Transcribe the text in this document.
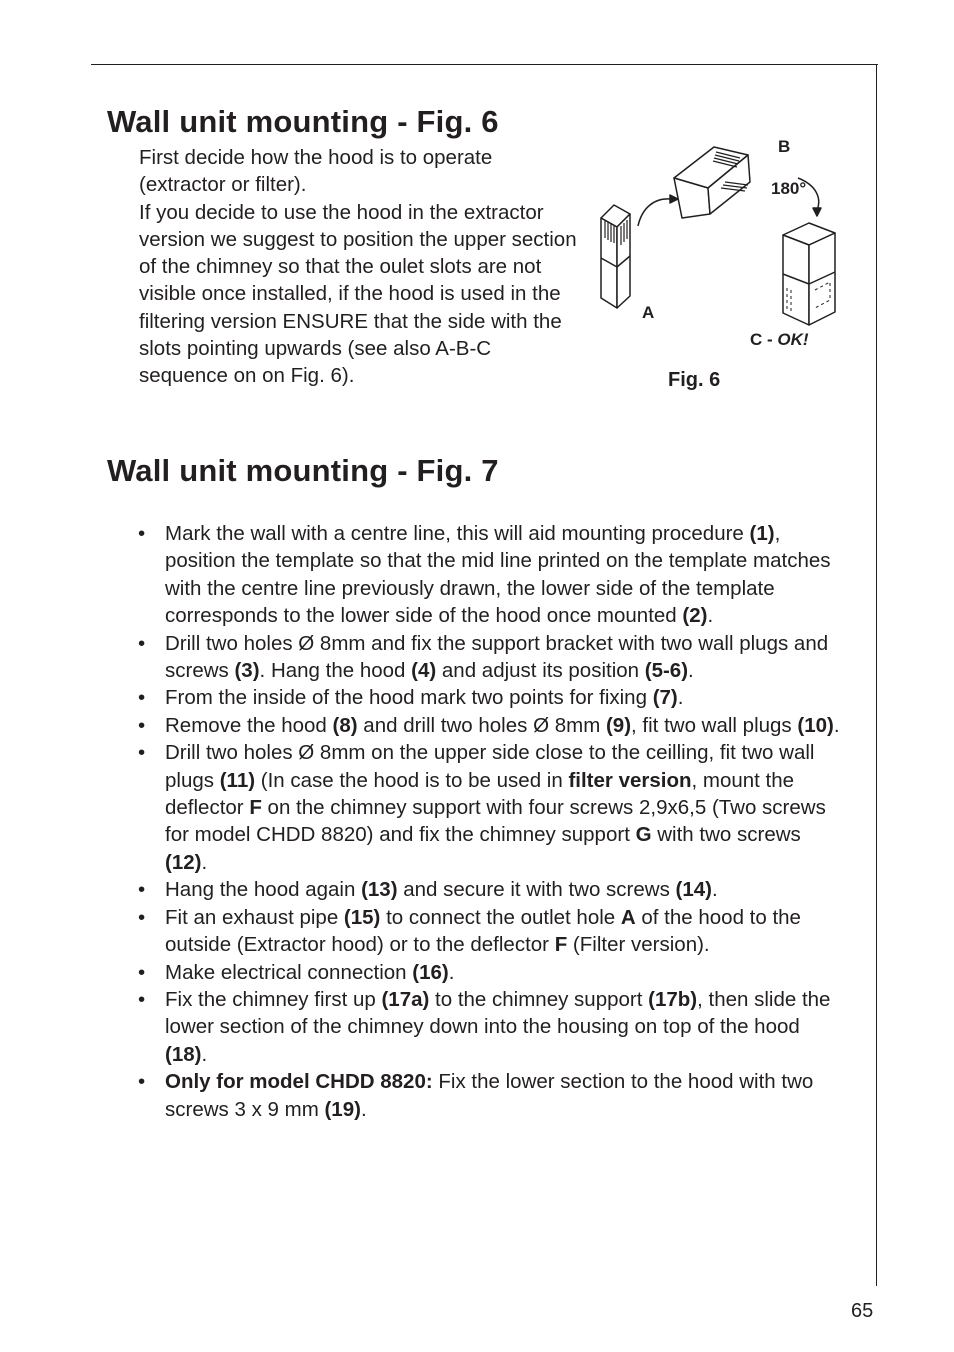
Wall unit mounting - Fig. 6

First decide how the hood is to operate (extractor or filter).

If you decide to use the hood in the extractor version we suggest to position the upper section of the chimney so that the oulet slots are not visible once installed, if the hood is used in the filtering version ENSURE that the side with the slots pointing upwards (see also A-B-C sequence on on Fig. 6).

B
180°
A
C - OK!
Fig. 6
Wall unit mounting - Fig. 7
• Mark the wall with a centre line, this will aid mounting procedure (1), position the template so that the mid line printed on the template matches with the centre line previously drawn, the lower side of the template corresponds to the lower side of the hood once mounted (2).
• Drill two holes Ø 8mm and fix the support bracket with two wall plugs and screws (3). Hang the hood (4) and adjust its position (5-6).
• From the inside of the hood mark two points for fixing (7).
• Remove the hood (8) and drill two holes Ø 8mm (9), fit two wall plugs (10).
• Drill two holes Ø 8mm on the upper side close to the ceilling, fit two wall plugs (11) (In case the hood is to be used in filter version, mount the deflector F on the chimney support with four screws 2,9x6,5 (Two screws for model CHDD 8820) and fix the chimney support G with two screws (12).
• Hang the hood again (13) and secure it with two screws (14).
• Fit an exhaust pipe (15) to connect the outlet hole A of the hood to the outside (Extractor hood) or to the deflector F (Filter version).
• Make electrical connection (16).
• Fix the chimney first up (17a) to the chimney support (17b), then slide the lower section of the chimney down into the housing on top of the hood (18).
• Only for model CHDD 8820: Fix the lower section to the hood with two screws 3 x 9 mm (19).
65
